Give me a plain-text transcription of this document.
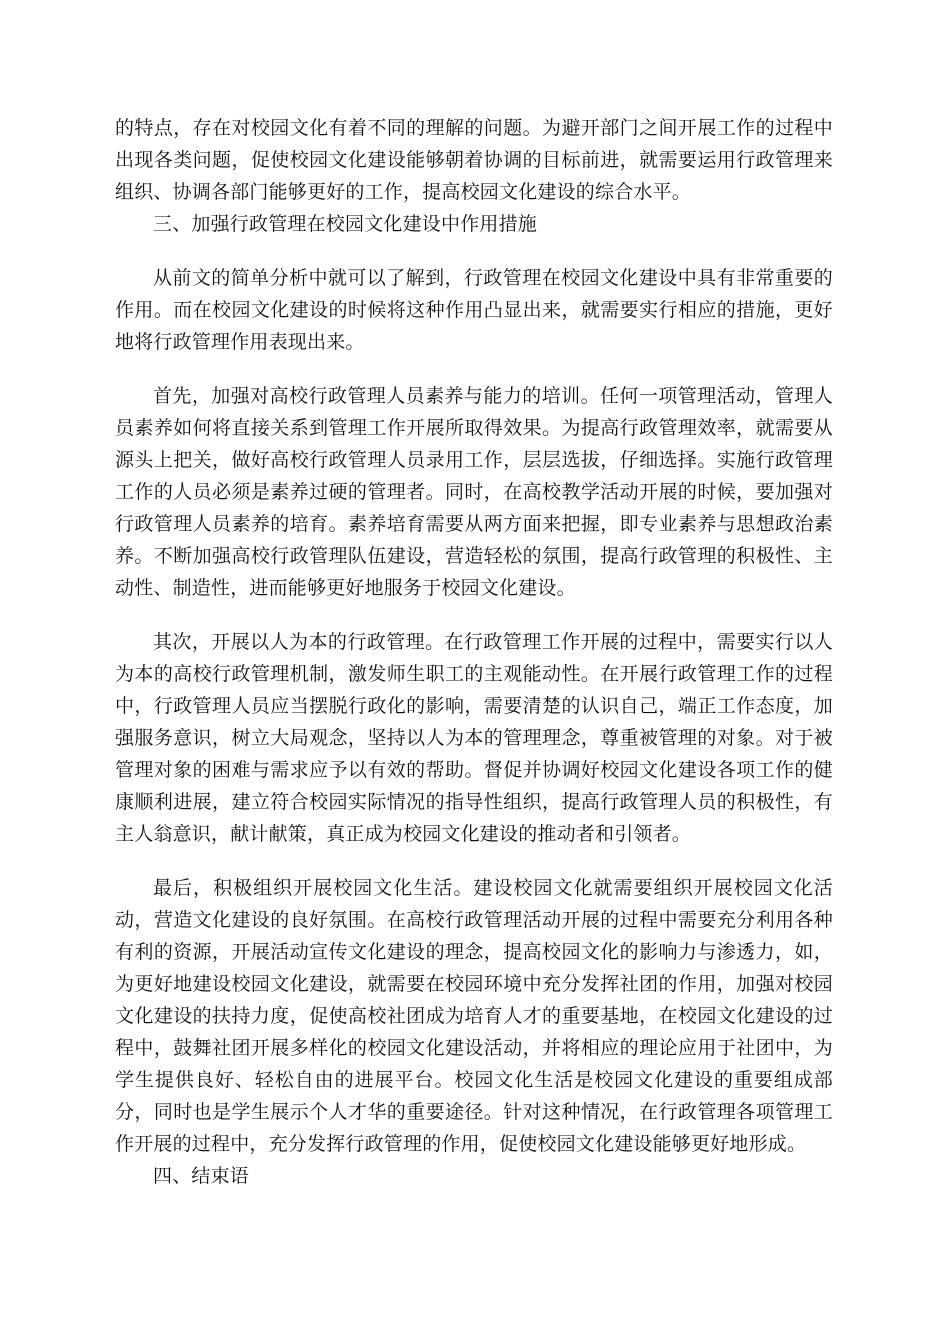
的特点，存在对校园文化有着不同的理解的问题。为避开部门之间开展工作的过程中出现各类问题，促使校园文化建设能够朝着协调的目标前进，就需要运用行政管理来组织、协调各部门能够更好的工作，提高校园文化建设的综合水平。

三、加强行政管理在校园文化建设中作用措施

从前文的简单分析中就可以了解到，行政管理在校园文化建设中具有非常重要的作用。而在校园文化建设的时候将这种作用凸显出来，就需要实行相应的措施，更好地将行政管理作用表现出来。

首先，加强对高校行政管理人员素养与能力的培训。任何一项管理活动，管理人员素养如何将直接关系到管理工作开展所取得效果。为提高行政管理效率，就需要从源头上把关，做好高校行政管理人员录用工作，层层选拔，仔细选择。实施行政管理工作的人员必须是素养过硬的管理者。同时，在高校教学活动开展的时候，要加强对行政管理人员素养的培育。素养培育需要从两方面来把握，即专业素养与思想政治素养。不断加强高校行政管理队伍建设，营造轻松的氛围，提高行政管理的积极性、主动性、制造性，进而能够更好地服务于校园文化建设。

其次，开展以人为本的行政管理。在行政管理工作开展的过程中，需要实行以人为本的高校行政管理机制，激发师生职工的主观能动性。在开展行政管理工作的过程中，行政管理人员应当摆脱行政化的影响，需要清楚的认识自己，端正工作态度，加强服务意识，树立大局观念，坚持以人为本的管理理念，尊重被管理的对象。对于被管理对象的困难与需求应予以有效的帮助。督促并协调好校园文化建设各项工作的健康顺利进展，建立符合校园实际情况的指导性组织，提高行政管理人员的积极性，有主人翁意识，献计献策，真正成为校园文化建设的推动者和引领者。

最后，积极组织开展校园文化生活。建设校园文化就需要组织开展校园文化活动，营造文化建设的良好氛围。在高校行政管理活动开展的过程中需要充分利用各种有利的资源，开展活动宣传文化建设的理念，提高校园文化的影响力与渗透力，如，为更好地建设校园文化建设，就需要在校园环境中充分发挥社团的作用，加强对校园文化建设的扶持力度，促使高校社团成为培育人才的重要基地，在校园文化建设的过程中，鼓舞社团开展多样化的校园文化建设活动，并将相应的理论应用于社团中，为学生提供良好、轻松自由的进展平台。校园文化生活是校园文化建设的重要组成部分，同时也是学生展示个人才华的重要途径。针对这种情况，在行政管理各项管理工作开展的过程中，充分发挥行政管理的作用，促使校园文化建设能够更好地形成。

四、结束语
